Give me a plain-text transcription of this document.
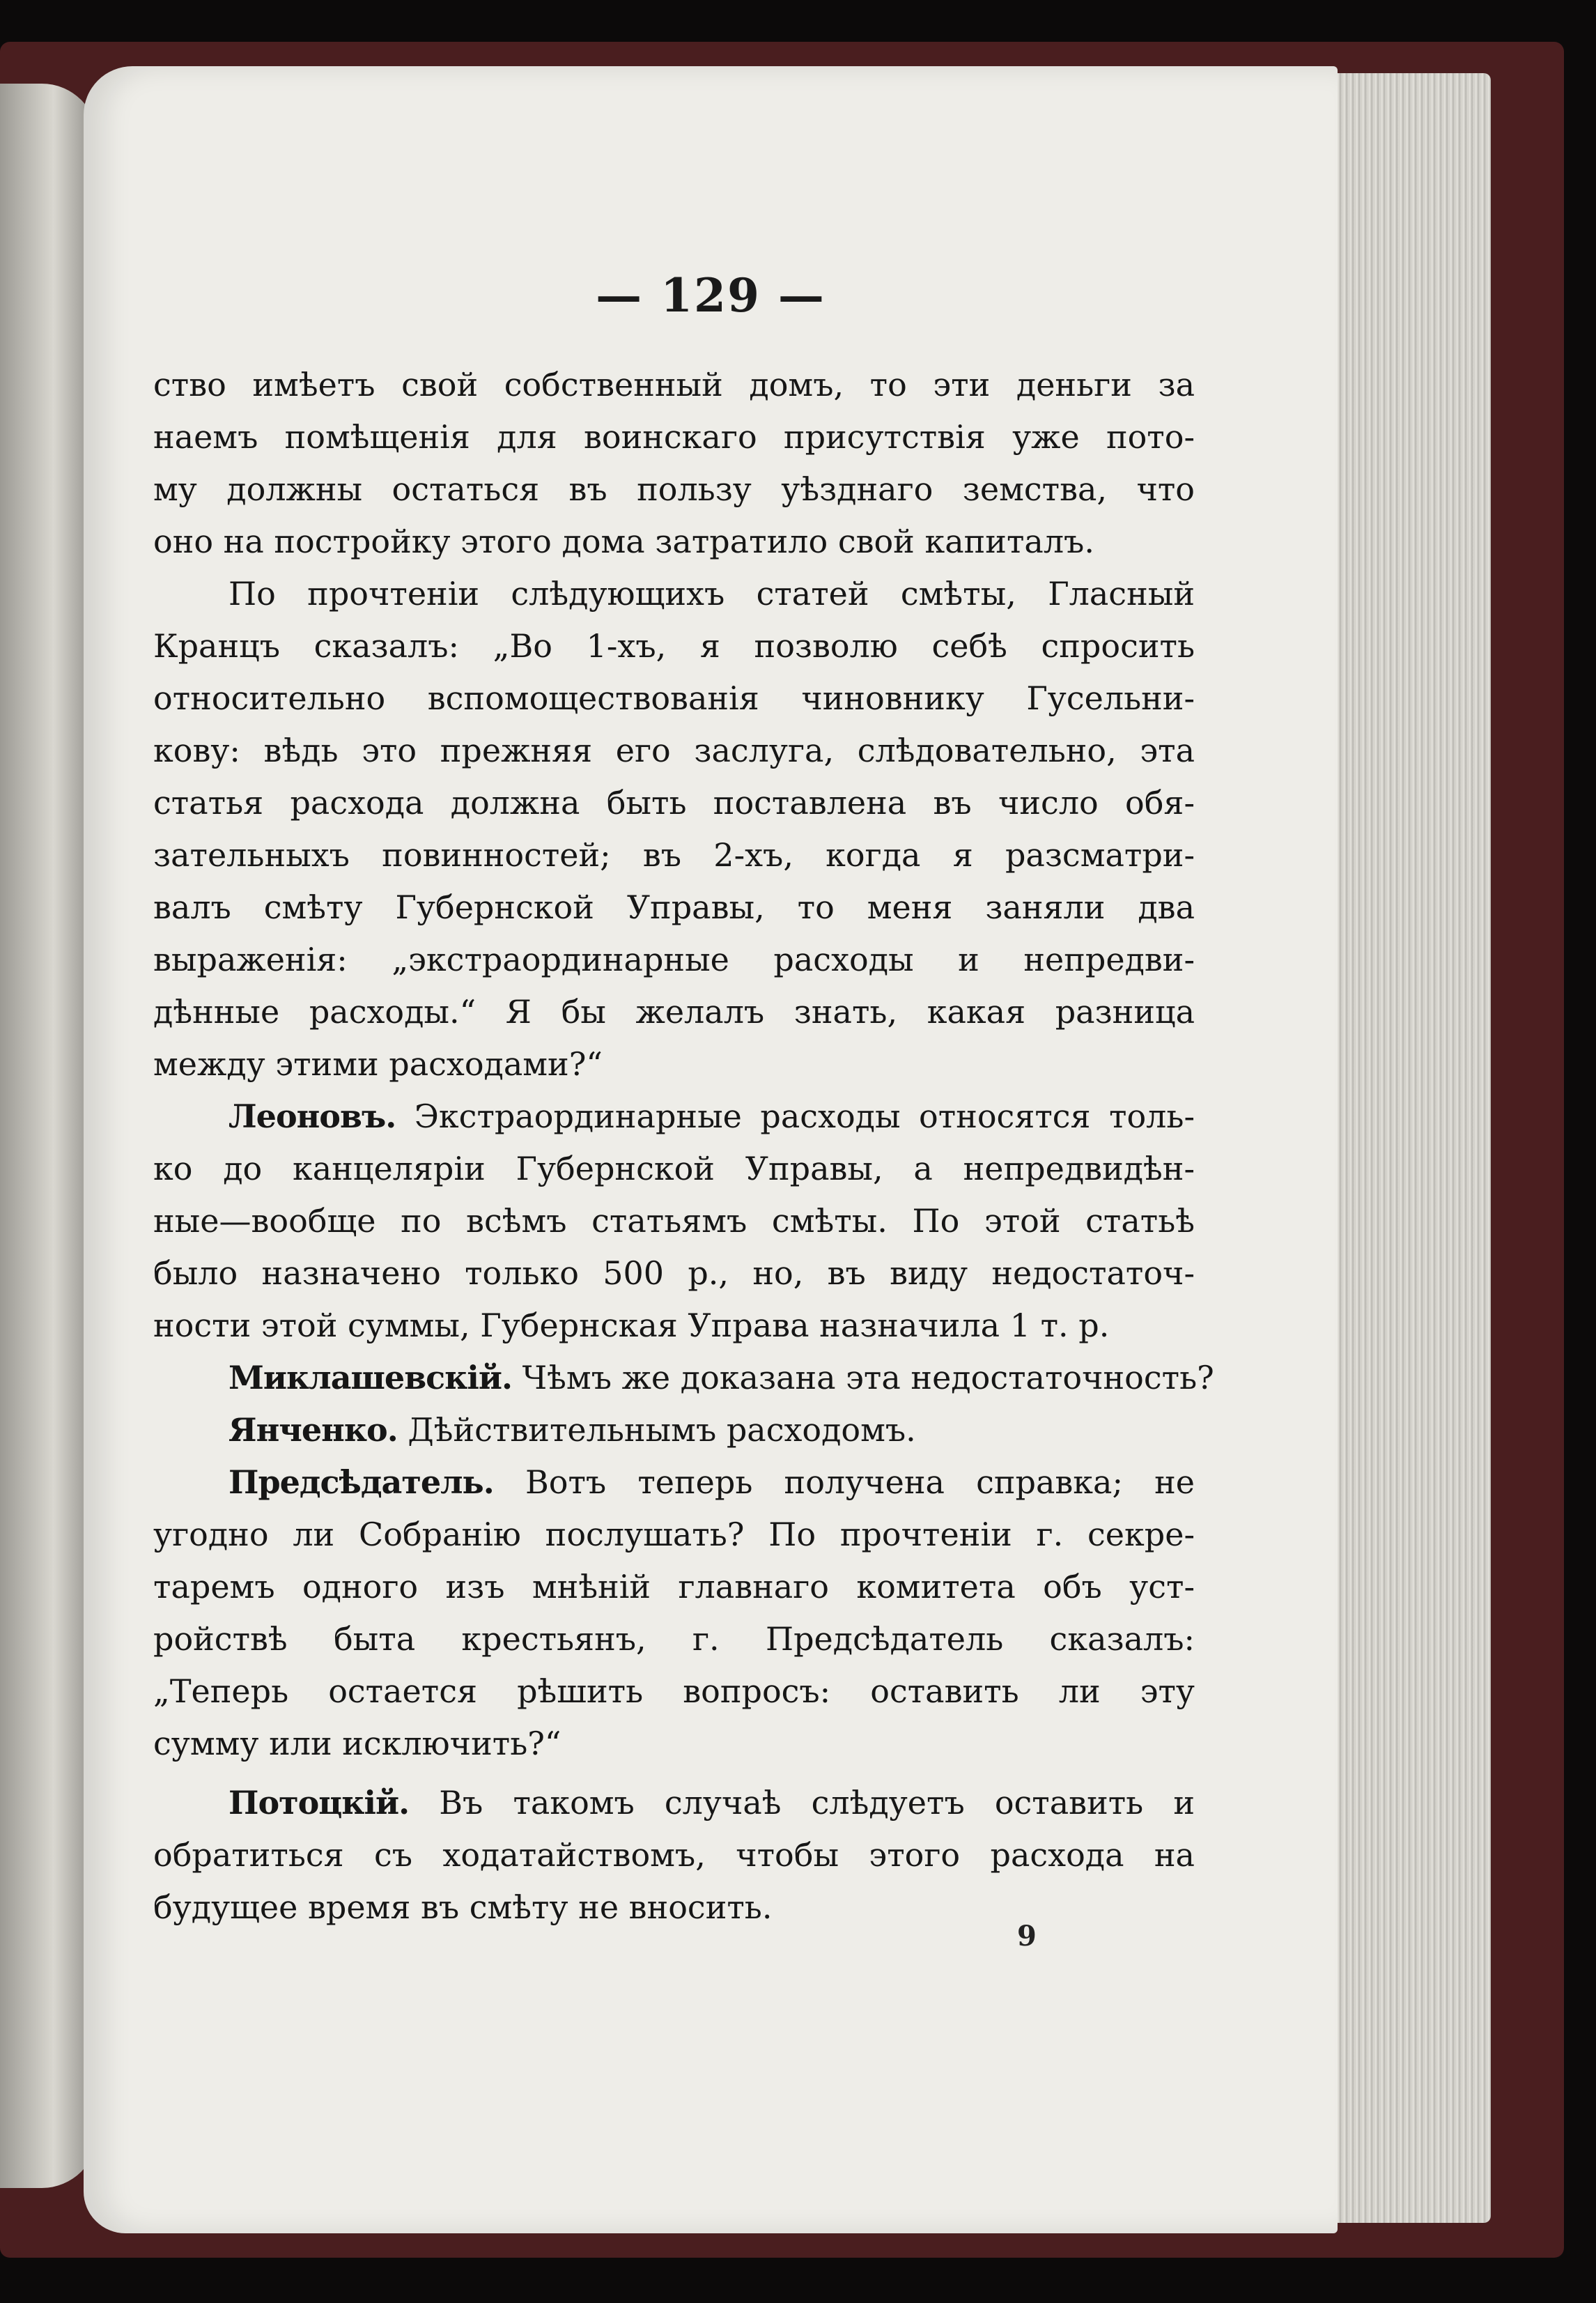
— 129 —
ство имѣетъ свой собственный домъ, то эти деньги за
наемъ помѣщенія для воинскаго присутствія уже пото-
му должны остаться въ пользу уѣзднаго земства, что
оно на постройку этого дома затратило свой капиталъ.
По прочтеніи слѣдующихъ статей смѣты, Гласный
Кранцъ сказалъ: „Во 1-хъ, я позволю себѣ спросить
относительно вспомоществованія чиновнику Гусельни-
кову: вѣдь это прежняя его заслуга, слѣдовательно, эта
статья расхода должна быть поставлена въ число обя-
зательныхъ повинностей; въ 2-хъ, когда я разсматри-
валъ смѣту Губернской Управы, то меня заняли два
выраженія: „экстраординарные расходы и непредви-
дѣнные расходы.“ Я бы желалъ знать, какая разница
между этими расходами?“
Леоновъ. Экстраординарные расходы относятся толь-
ко до канцеляріи Губернской Управы, а непредвидѣн-
ные—вообще по всѣмъ статьямъ смѣты. По этой статьѣ
было назначено только 500 р., но, въ виду недостаточ-
ности этой суммы, Губернская Управа назначила 1 т. р.
Миклашевскій. Чѣмъ же доказана эта недостаточность?
Янченко. Дѣйствительнымъ расходомъ.
Предсѣдатель. Вотъ теперь получена справка; не
угодно ли Собранію послушать? По прочтеніи г. секре-
таремъ одного изъ мнѣній главнаго комитета объ уст-
ройствѣ быта крестьянъ, г. Предсѣдатель сказалъ:
„Теперь остается рѣшить вопросъ: оставить ли эту
сумму или исключить?“
Потоцкій. Въ такомъ случаѣ слѣдуетъ оставить и
обратиться съ ходатайствомъ, чтобы этого расхода на
будущее время въ смѣту не вносить.
9
